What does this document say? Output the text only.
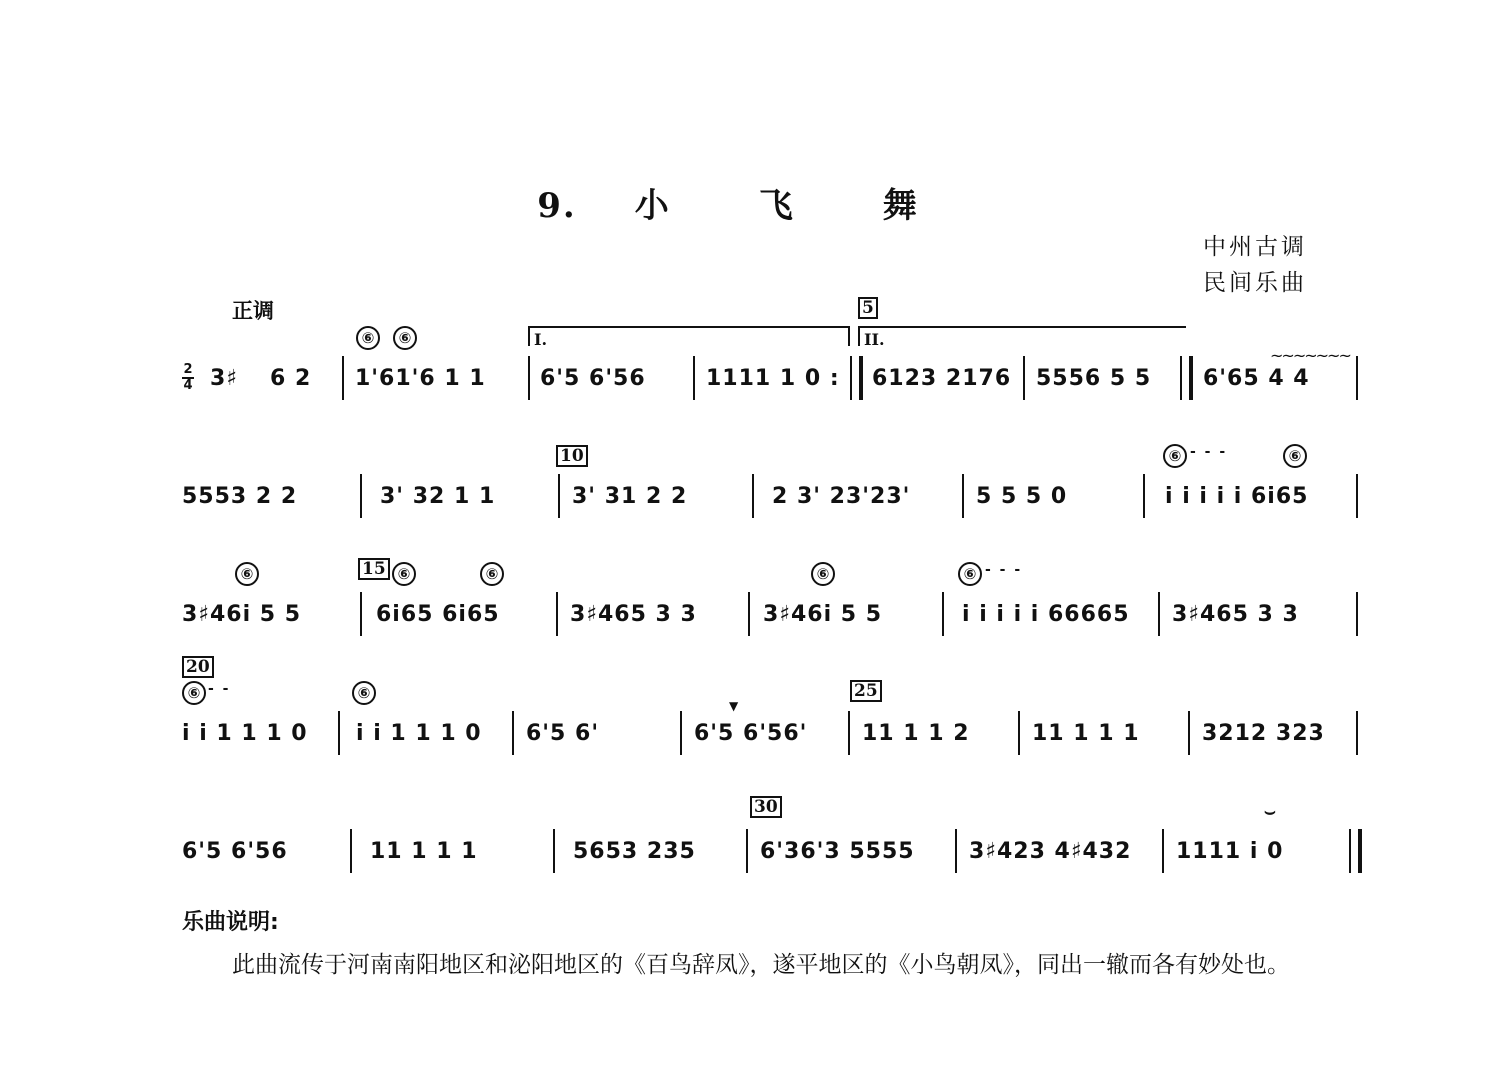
9. 小	飞	舞
中州古调
民间乐曲
正调
2
4 3♯ 6 2
⑥	⑥
1'61'6 1 1 6'5 6'56	1111 1 0 : 6123 2176 5556 5 5
~~~~~~~
6'65 4 4
5
I.	II.
10
5553 2 2	3' 32 1 1	3' 31 2 2	2 3' 23'23'	5 5 5 0
⑥ - - -	⑥
i i i i i 6i65
15
⑥
3♯46i 5 5
⑥	⑥
6i65 6i65	3♯465 3 3
⑥
3♯46i 5 5
⑥ - - -
i i i i i 66665 3♯465 3 3
20
25
⑥ - -
i i 1 1 1 0
⑥
i i 1 1 1 0 6'5 6'
▼
6'5 6'56' 11 1 1 2	11 1 1 1	3212 323
30
6'5 6'56	11 1 1 1	5653 235	6'36'3 5555 3♯423 4♯432
⌣
1111 i 0
乐曲说明:
此曲流传于河南南阳地区和泌阳地区的《百鸟辞凤》，遂平地区的《小鸟朝凤》，同出一辙而各有妙处也。
